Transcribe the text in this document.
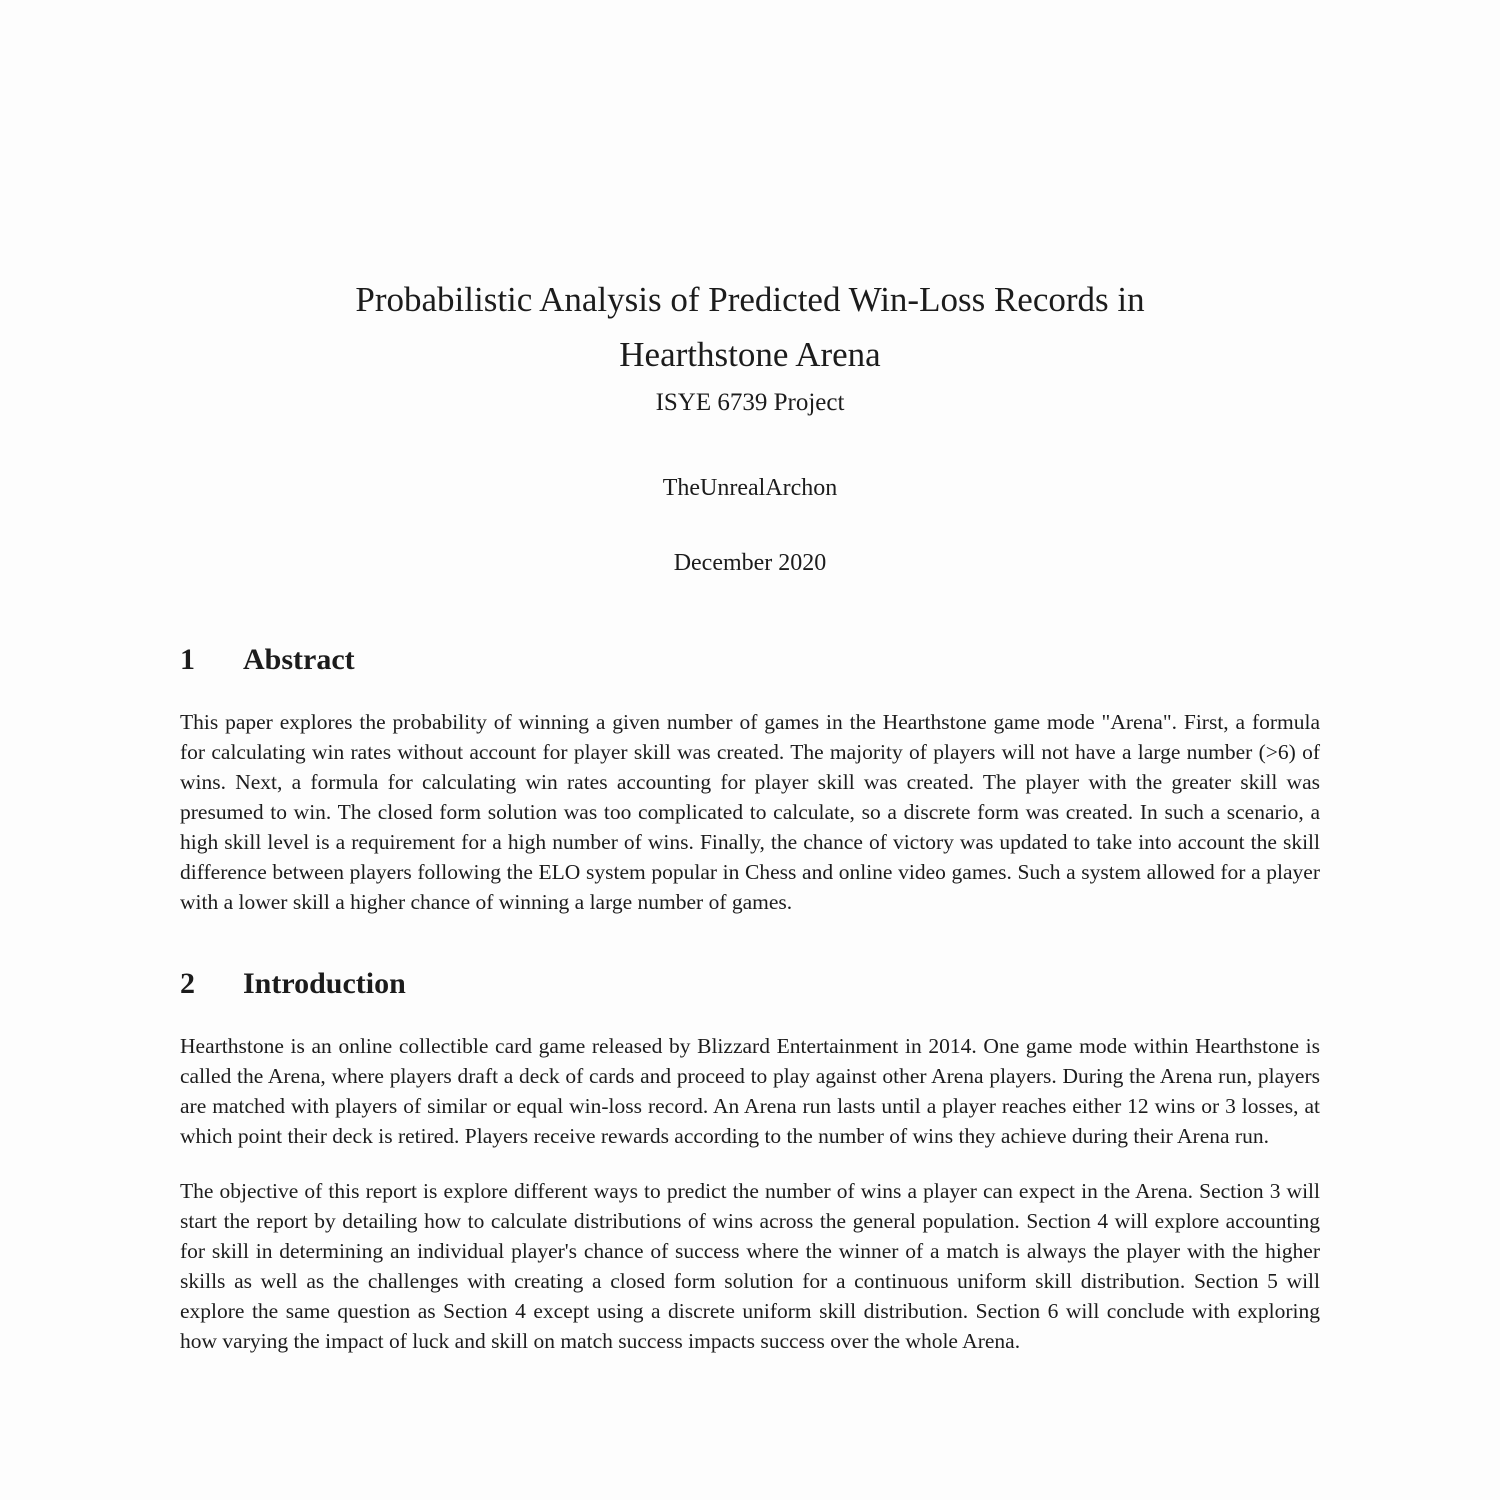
Probabilistic Analysis of Predicted Win-Loss Records in
Hearthstone Arena
ISYE 6739 Project
TheUnrealArchon
December 2020
1	Abstract
This paper explores the probability of winning a given number of games in the Hearthstone game mode "Arena". First, a formula for calculating win rates without account for player skill was created. The majority of players will not have a large number (>6) of wins. Next, a formula for calculating win rates accounting for player skill was created. The player with the greater skill was presumed to win. The closed form solution was too complicated to calculate, so a discrete form was created. In such a scenario, a high skill level is a requirement for a high number of wins. Finally, the chance of victory was updated to take into account the skill difference between players following the ELO system popular in Chess and online video games. Such a system allowed for a player with a lower skill a higher chance of winning a large number of games.
2	Introduction
Hearthstone is an online collectible card game released by Blizzard Entertainment in 2014. One game mode within Hearthstone is called the Arena, where players draft a deck of cards and proceed to play against other Arena players. During the Arena run, players are matched with players of similar or equal win-loss record. An Arena run lasts until a player reaches either 12 wins or 3 losses, at which point their deck is retired. Players receive rewards according to the number of wins they achieve during their Arena run.
The objective of this report is explore different ways to predict the number of wins a player can expect in the Arena. Section 3 will start the report by detailing how to calculate distributions of wins across the general population. Section 4 will explore accounting for skill in determining an individual player's chance of success where the winner of a match is always the player with the higher skills as well as the challenges with creating a closed form solution for a continuous uniform skill distribution. Section 5 will explore the same question as Section 4 except using a discrete uniform skill distribution. Section 6 will conclude with exploring how varying the impact of luck and skill on match success impacts success over the whole Arena.
